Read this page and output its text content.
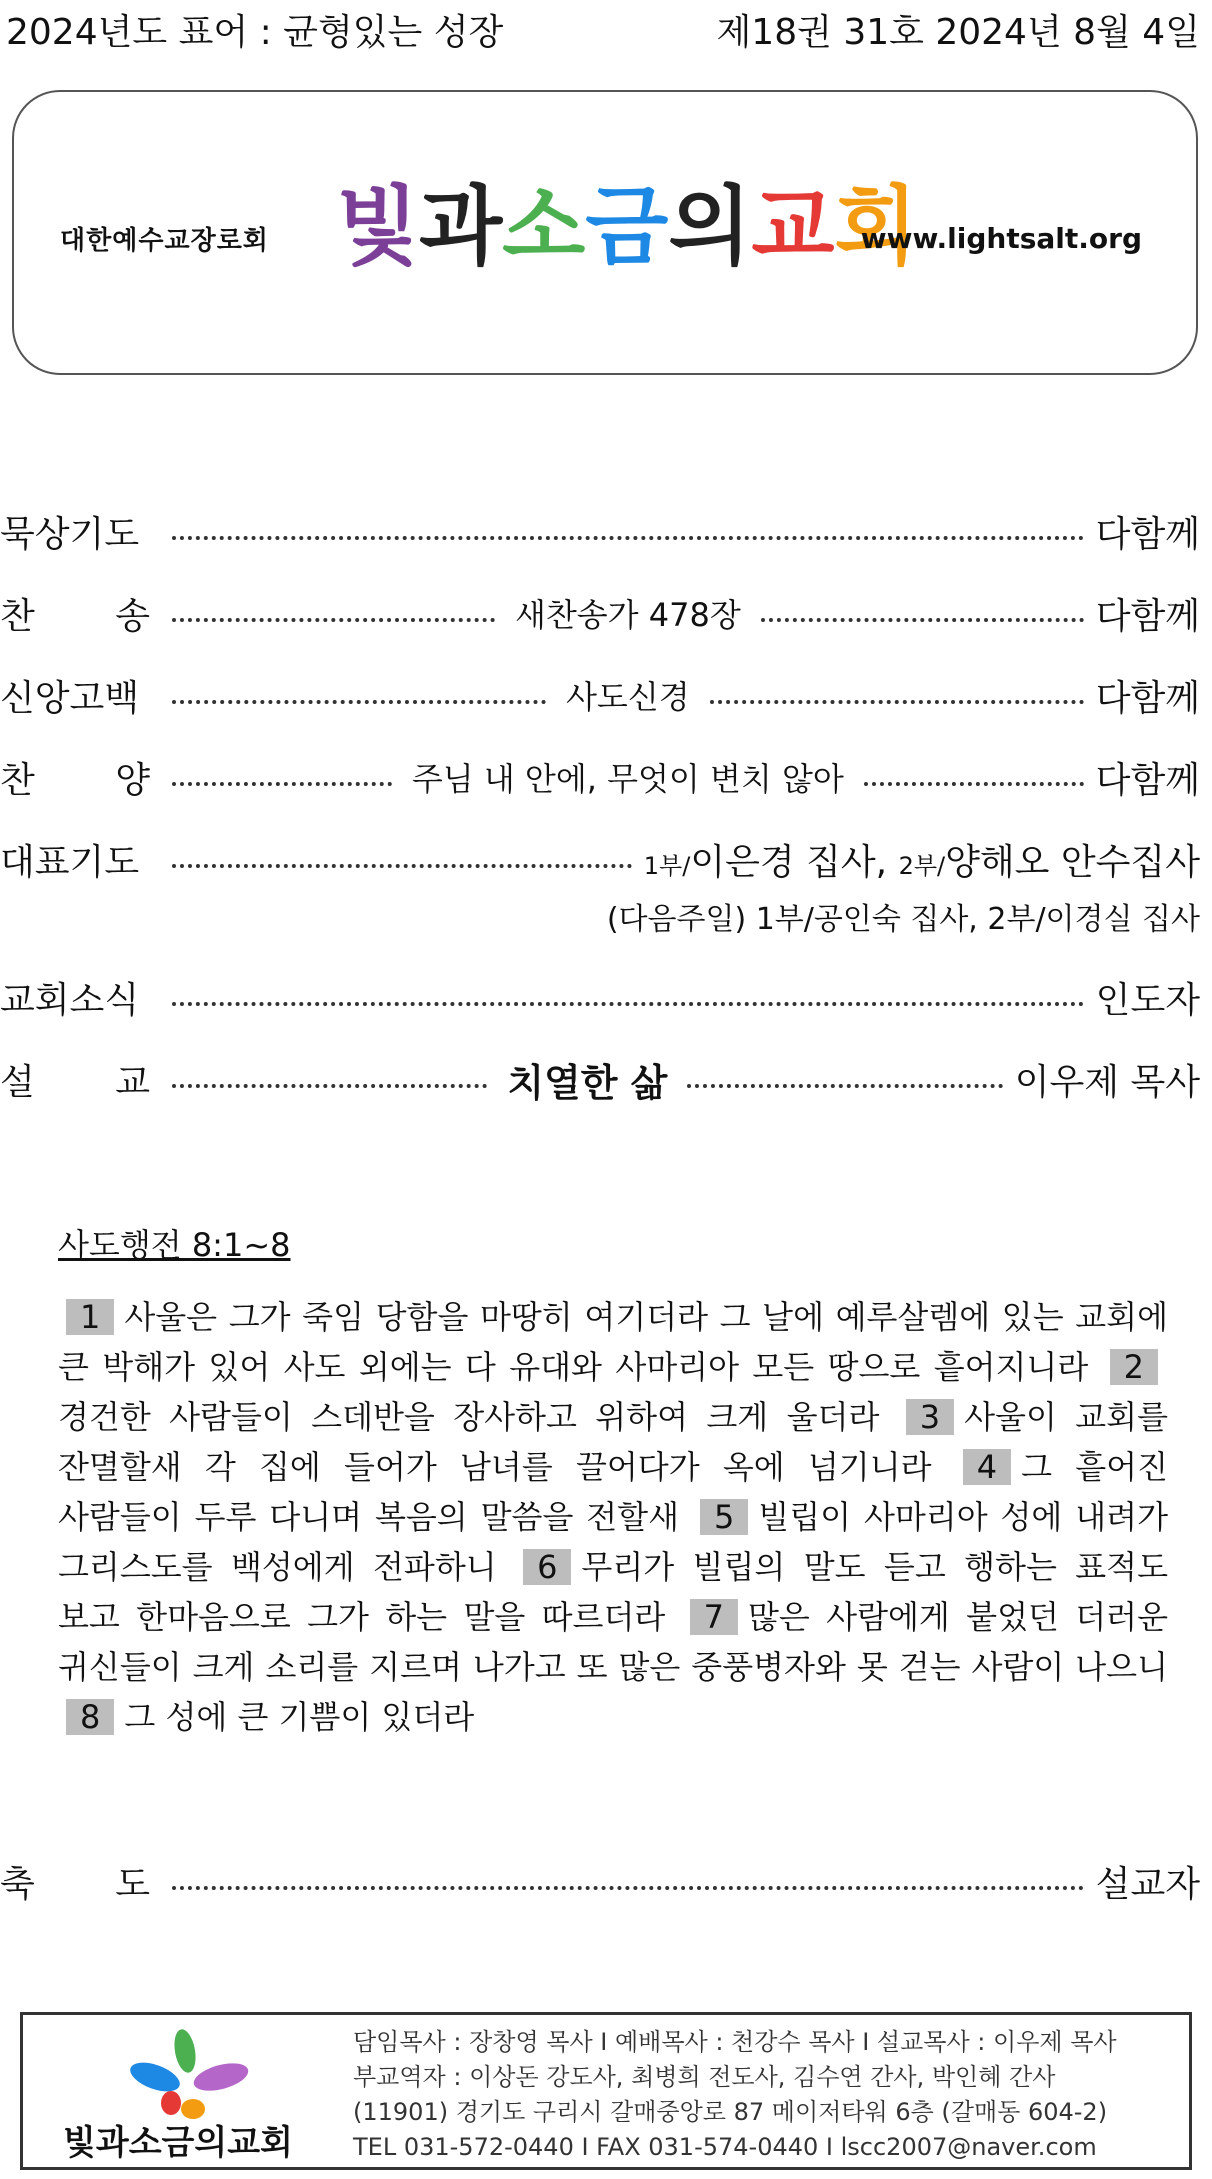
2024년도 표어 : 균형있는 성장	제18권 31호 2024년 8월 4일
대한예수교장로회 빛과소금의교회
www.lightsalt.org
묵상기도	다함께
찬 송	새찬송가 478장	다함께
신앙고백	사도신경	다함께
찬 양	주님 내 안에, 무엇이 변치 않아	다함께
대표기도	1부/이은경 집사, 2부/양해오 안수집사
(다음주일) 1부/공인숙 집사, 2부/이경실 집사
교회소식	인도자
설 교	치열한 삶	이우제 목사
사도행전 8:1~8
1 사울은 그가 죽임 당함을 마땅히 여기더라 그 날에 예루살렘에 있는 교회에 큰 박해가 있어 사도 외에는 다 유대와 사마리아 모든 땅으로 흩어지니라 2경건한 사람들이 스데반을 장사하고 위하여 크게 울더라 3 사울이 교회를 잔멸할새 각 집에 들어가 남녀를 끌어다가 옥에 넘기니라 4 그 흩어진 사람들이 두루 다니며 복음의 말씀을 전할새 5 빌립이 사마리아 성에 내려가 그리스도를 백성에게 전파하니 6 무리가 빌립의 말도 듣고 행하는 표적도 보고 한마음으로 그가 하는 말을 따르더라 7 많은 사람에게 붙었던 더러운 귀신들이 크게 소리를 지르며 나가고 또 많은 중풍병자와 못 걷는 사람이 나으니 8 그 성에 큰 기쁨이 있더라
축 도	설교자
빛과소금의교회
담임목사 : 장창영 목사 I 예배목사 : 천강수 목사 I 설교목사 : 이우제 목사
부교역자 : 이상돈 강도사, 최병희 전도사, 김수연 간사, 박인혜 간사
(11901) 경기도 구리시 갈매중앙로 87 메이저타워 6층 (갈매동 604-2)
TEL 031-572-0440 I FAX 031-574-0440 I lscc2007@naver.com
